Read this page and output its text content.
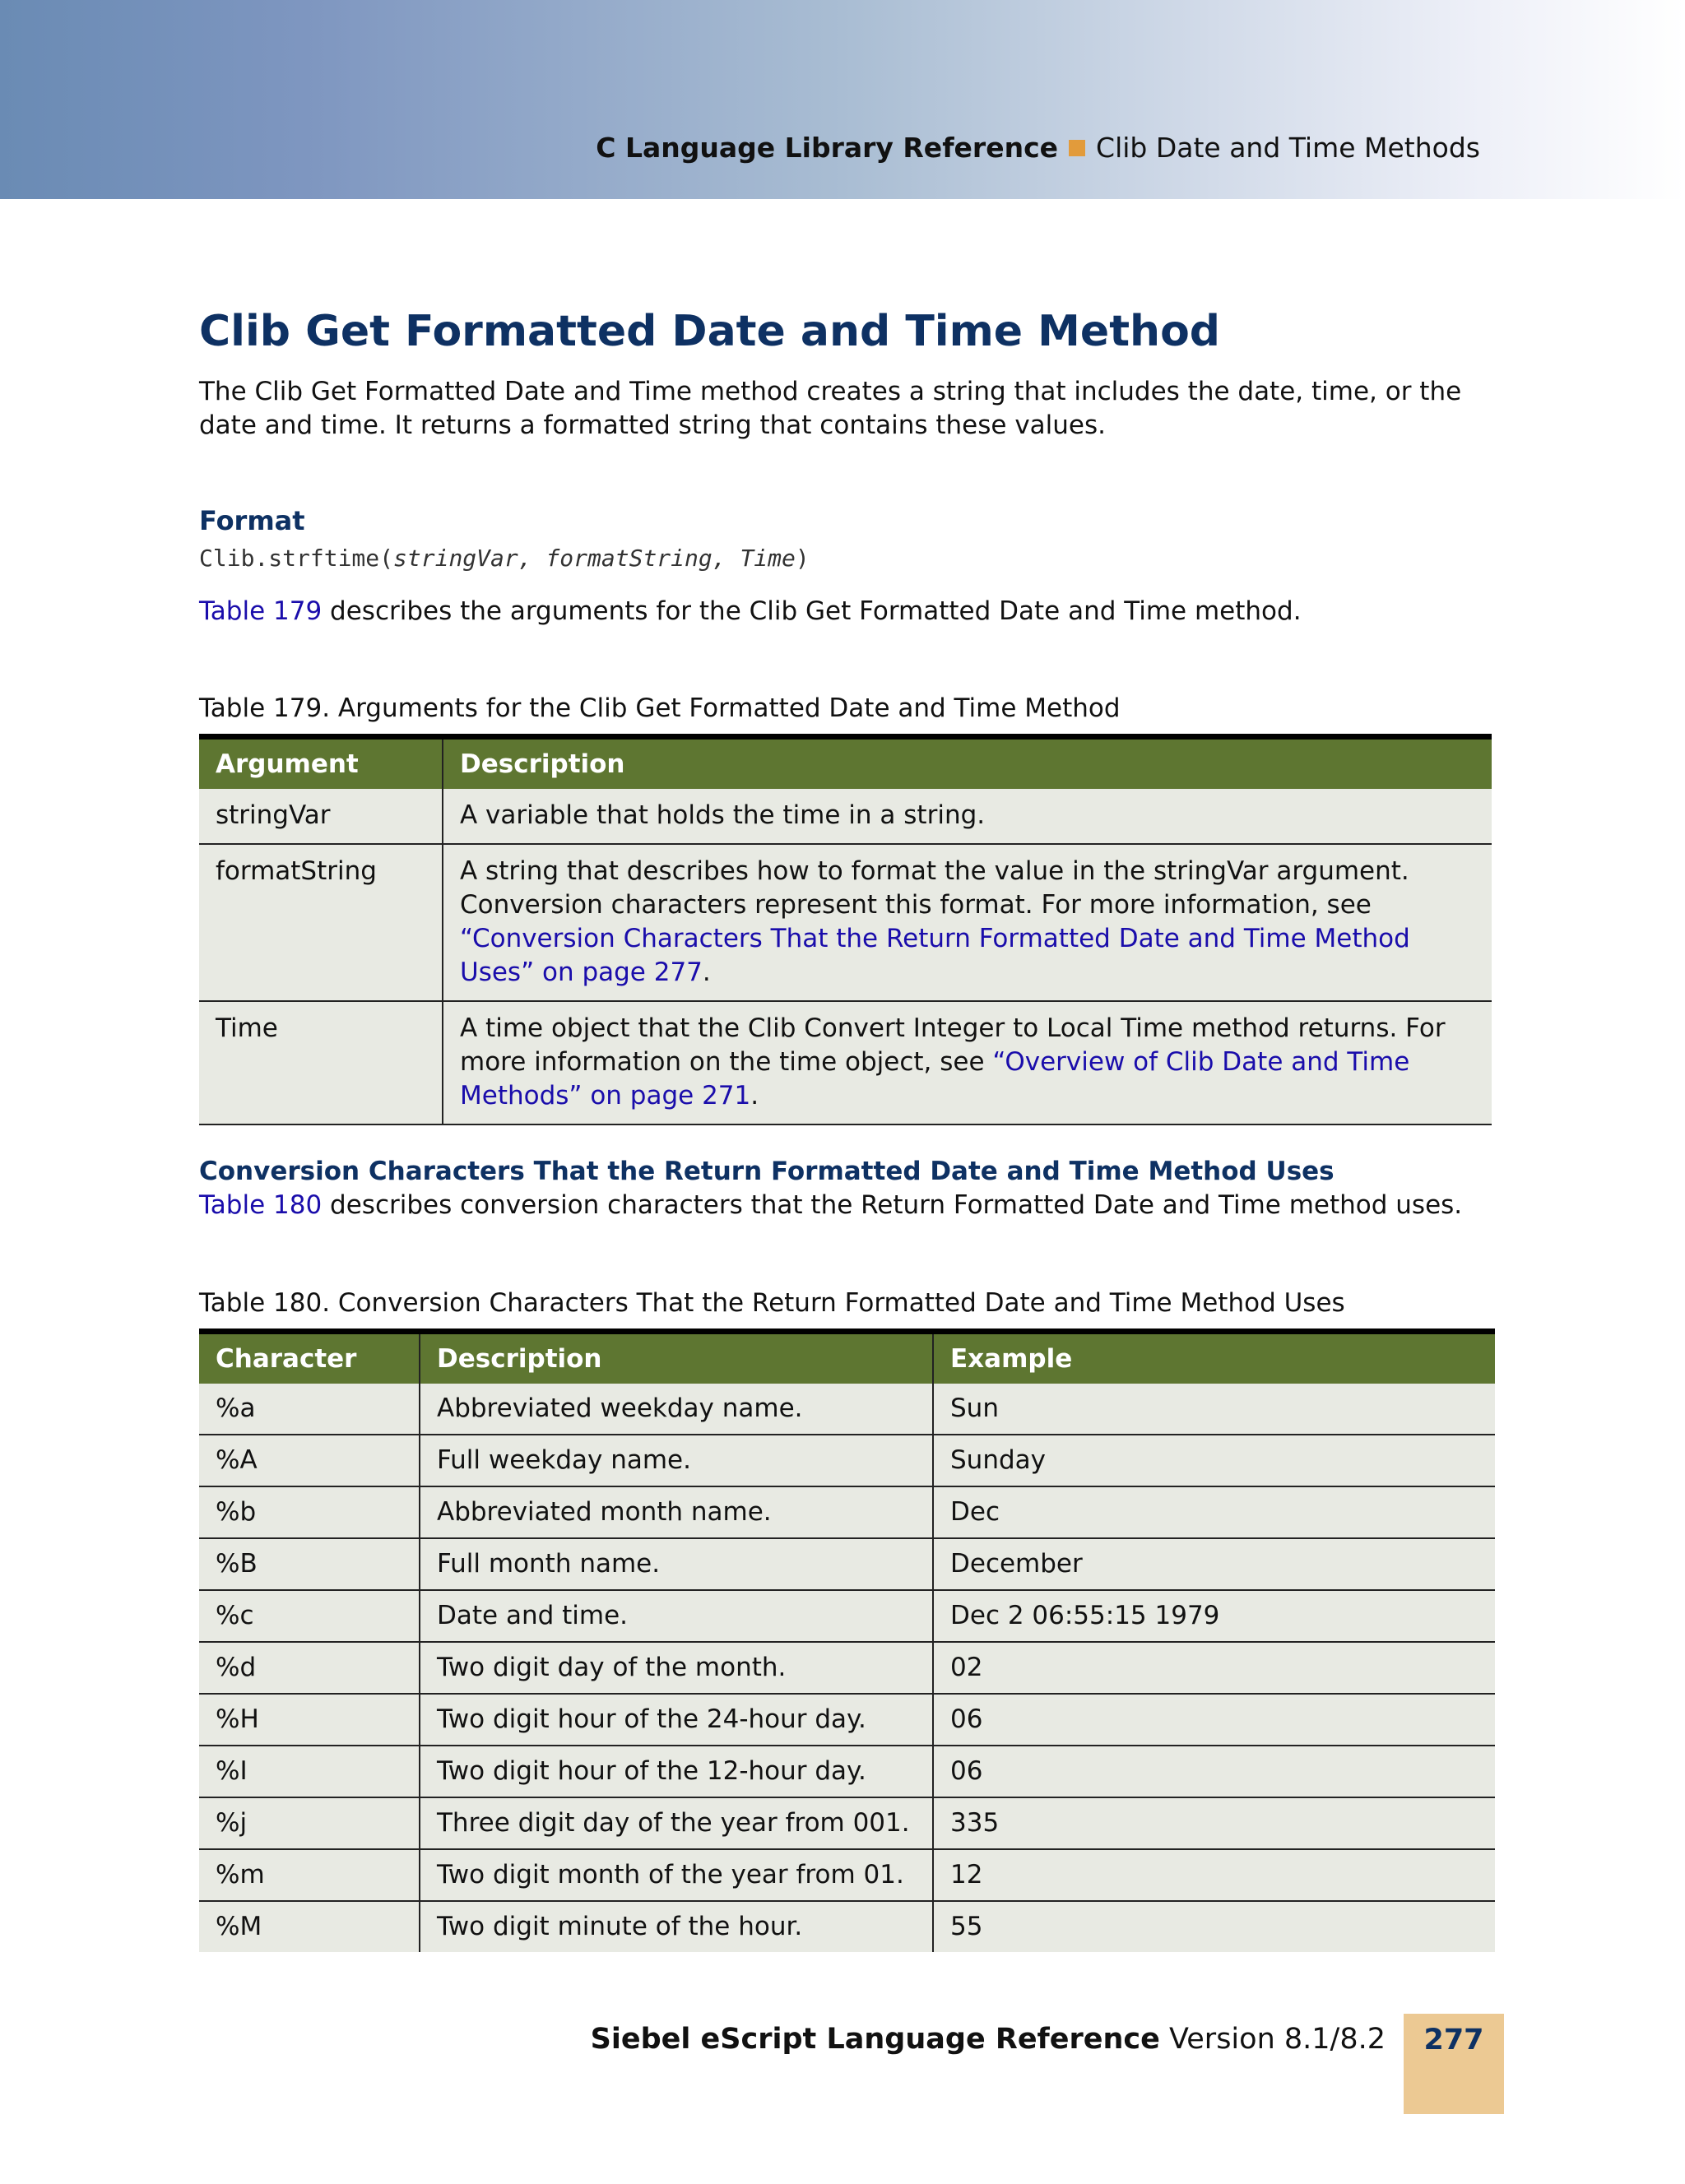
C Language Library Reference Clib Date and Time Methods
Clib Get Formatted Date and Time Method

The Clib Get Formatted Date and Time method creates a string that includes the date, time, or the date and time. It returns a formatted string that contains these values.

Format
Clib.strftime(stringVar, formatString, Time)

Table 179 describes the arguments for the Clib Get Formatted Date and Time method.

Table 179. Arguments for the Clib Get Formatted Date and Time Method

Argument	Description
stringVar	A variable that holds the time in a string.
formatString	A string that describes how to format the value in the stringVar argument. Conversion characters represent this format. For more information, see “Conversion Characters That the Return Formatted Date and Time Method Uses” on page 277.
Time	A time object that the Clib Convert Integer to Local Time method returns. For more information on the time object, see “Overview of Clib Date and Time Methods” on page 271.
Conversion Characters That the Return Formatted Date and Time Method Uses

Table 180 describes conversion characters that the Return Formatted Date and Time method uses.

Table 180. Conversion Characters That the Return Formatted Date and Time Method Uses

Character	Description	Example
%a	Abbreviated weekday name.	Sun
%A	Full weekday name.	Sunday
%b	Abbreviated month name.	Dec
%B	Full month name.	December
%c	Date and time.	Dec 2 06:55:15 1979
%d	Two digit day of the month.	02
%H	Two digit hour of the 24-hour day.	06
%I	Two digit hour of the 12-hour day.	06
%j	Three digit day of the year from 001.	335
%m	Two digit month of the year from 01.	12
%M	Two digit minute of the hour.	55
Siebel eScript Language Reference Version 8.1/8.2	277
